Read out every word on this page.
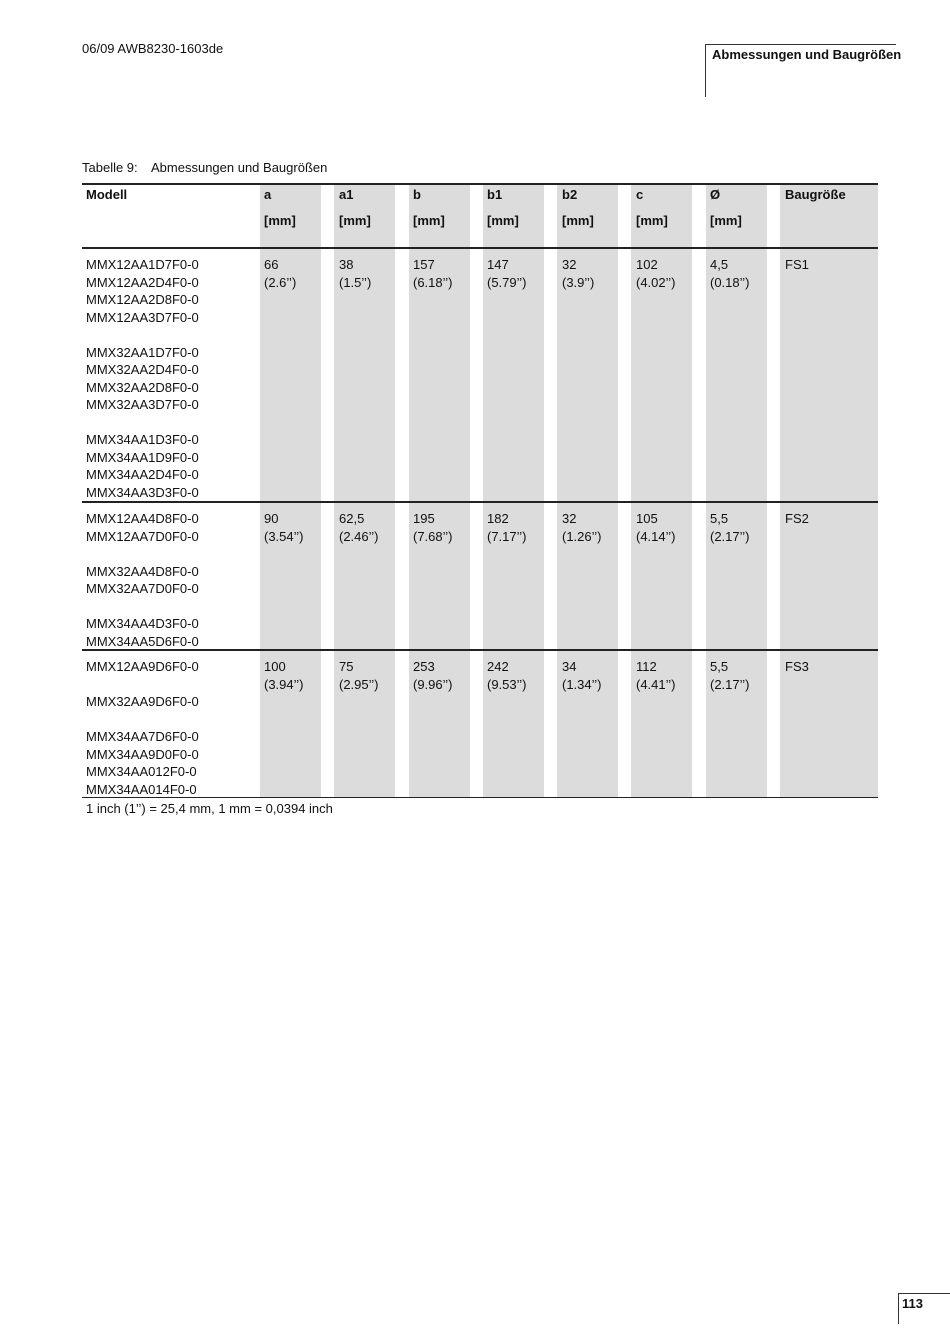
06/09 AWB8230-1603de	Abmessungen und Baugrößen
Tabelle 9: Abmessungen und Baugrößen
Modell	a
[mm]
a1
[mm]
b
[mm]
b1
[mm]
b2
[mm]
c
[mm]
Ø
[mm]
Baugröße
MMX12AA1D7F0-0
MMX12AA2D4F0-0
MMX12AA2D8F0-0
MMX12AA3D7F0-0
MMX32AA1D7F0-0
MMX32AA2D4F0-0
MMX32AA2D8F0-0
MMX32AA3D7F0-0
MMX34AA1D3F0-0
MMX34AA1D9F0-0
MMX34AA2D4F0-0
MMX34AA3D3F0-0
66
(2.6’’)
38
(1.5’’)
157
(6.18’’)
147
(5.79’’)
32
(3.9’’)
102
(4.02’’)
4,5
(0.18’’)
FS1
MMX12AA4D8F0-0
MMX12AA7D0F0-0
MMX32AA4D8F0-0
MMX32AA7D0F0-0
MMX34AA4D3F0-0
MMX34AA5D6F0-0
90
(3.54’’)
62,5
(2.46’’)
195
(7.68’’)
182
(7.17’’)
32
(1.26’’)
105
(4.14’’)
5,5
(2.17’’)
FS2
MMX12AA9D6F0-0
MMX32AA9D6F0-0
MMX34AA7D6F0-0
MMX34AA9D0F0-0
MMX34AA012F0-0
MMX34AA014F0-0
100
(3.94’’)
75
(2.95’’)
253
(9.96’’)
242
(9.53’’)
34
(1.34’’)
112
(4.41’’)
5,5
(2.17’’)
FS3
1 inch (1’’) = 25,4 mm, 1 mm = 0,0394 inch
113
